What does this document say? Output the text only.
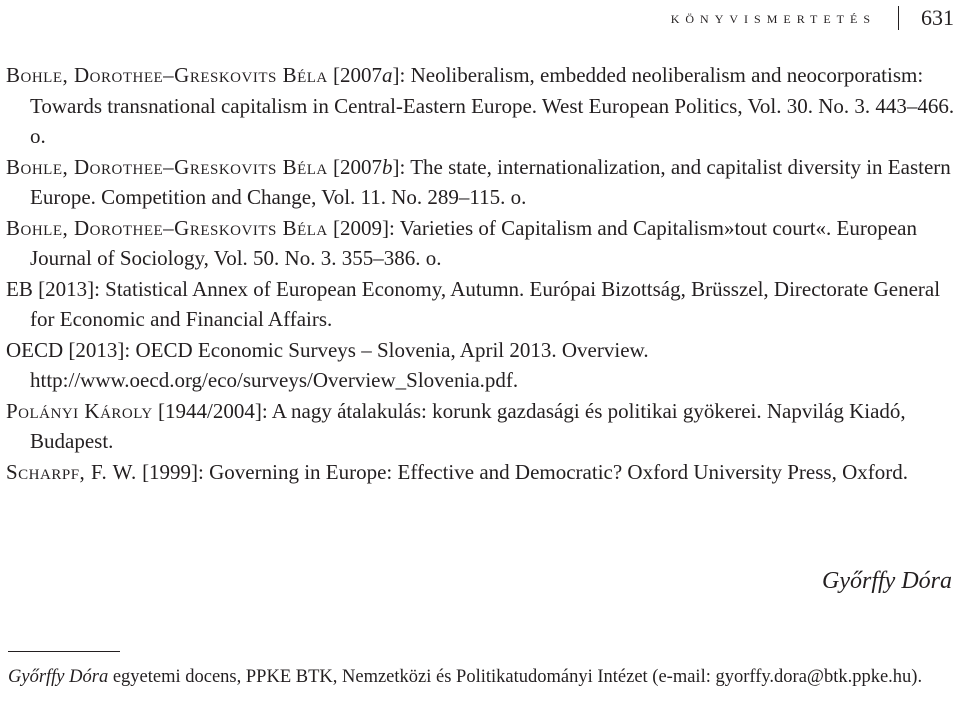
könyvismertetés	631
Bohle, Dorothee–Greskovits Béla [2007a]: Neoliberalism, embedded neoliberalism and neocorporatism: Towards transnational capitalism in Central-Eastern Europe. West European Politics, Vol. 30. No. 3. 443–466. o.
Bohle, Dorothee–Greskovits Béla [2007b]: The state, internationalization, and capitalist diversity in Eastern Europe. Competition and Change, Vol. 11. No. 289–115. o.
Bohle, Dorothee–Greskovits Béla [2009]: Varieties of Capitalism and Capitalism»tout court«. European Journal of Sociology, Vol. 50. No. 3. 355–386. o.
EB [2013]: Statistical Annex of European Economy, Autumn. Európai Bizottság, Brüsszel, Directorate General for Economic and Financial Affairs.
OECD [2013]: OECD Economic Surveys – Slovenia, April 2013. Overview. http://www.oecd.org/eco/surveys/Overview_Slovenia.pdf.
Polányi Károly [1944/2004]: A nagy átalakulás: korunk gazdasági és politikai gyökerei. Napvilág Kiadó, Budapest.
Scharpf, F. W. [1999]: Governing in Europe: Effective and Democratic? Oxford University Press, Oxford.
Győrffy Dóra
Győrffy Dóra egyetemi docens, PPKE BTK, Nemzetközi és Politikatudományi Intézet (e-mail: gyorffy.dora@btk.ppke.hu).
